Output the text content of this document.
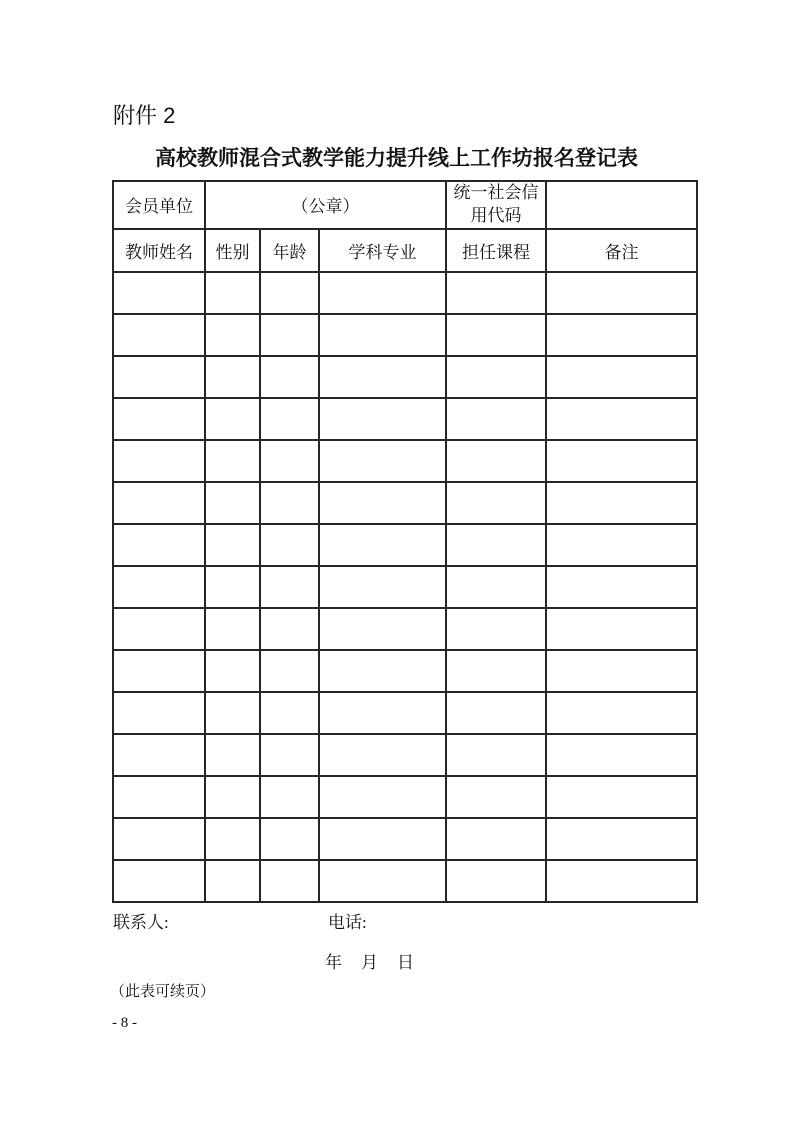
附件 2
高校教师混合式教学能力提升线上工作坊报名登记表
会员单位	（公章）			统一社会信用代码	
教师姓名	性别	年龄	学科专业	担任课程	备注

联系人:	电话:
年　月　日
（此表可续页）
- 8 -
